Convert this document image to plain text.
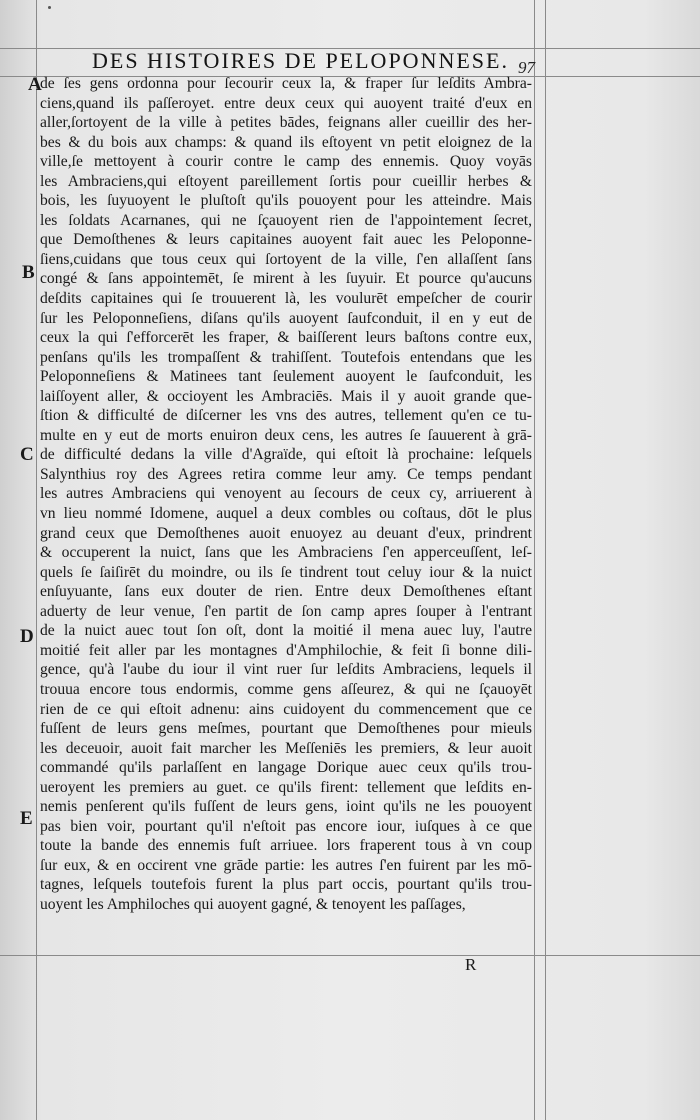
DES HISTOIRES DE PELOPONNESE. 97
A
B
C
D
E
de ſes gens ordonna pour ſecourir ceux la, & fraper ſur leſdits Ambra-
ciens,quand ils paſſeroyet. entre deux ceux qui auoyent traité d'eux en
aller,ſortoyent de la ville à petites bādes, feignans aller cueillir des her-
bes & du bois aux champs: & quand ils eſtoyent vn petit eloignez de la
ville,ſe mettoyent à courir contre le camp des ennemis. Quoy voyās
les Ambraciens,qui eſtoyent pareillement ſortis pour cueillir herbes &
bois, les ſuyuoyent le pluſtoſt qu'ils pouoyent pour les atteindre. Mais
les ſoldats Acarnanes, qui ne ſçauoyent rien de l'appointement ſecret,
que Demoſthenes & leurs capitaines auoyent fait auec les Peloponne-
ſiens,cuidans que tous ceux qui ſortoyent de la ville, ſ'en allaſſent ſans
congé & ſans appointemēt, ſe mirent à les ſuyuir. Et pource qu'aucuns
deſdits capitaines qui ſe trouuerent là, les voulurēt empeſcher de courir
ſur les Peloponneſiens, diſans qu'ils auoyent ſaufconduit, il en y eut de
ceux la qui ſ'efforcerēt les fraper, & baiſſerent leurs baſtons contre eux,
penſans qu'ils les trompaſſent & trahiſſent. Toutefois entendans que les
Peloponneſiens & Matinees tant ſeulement auoyent le ſaufconduit, les
laiſſoyent aller, & occioyent les Ambraciēs. Mais il y auoit grande que-
ſtion & difficulté de diſcerner les vns des autres, tellement qu'en ce tu-
multe en y eut de morts enuiron deux cens, les autres ſe ſauuerent à grā-
de difficulté dedans la ville d'Agraïde, qui eſtoit là prochaine: leſquels
Salynthius roy des Agrees retira comme leur amy. Ce temps pendant
les autres Ambraciens qui venoyent au ſecours de ceux cy, arriuerent à
vn lieu nommé Idomene, auquel a deux combles ou coſtaus, dōt le plus
grand ceux que Demoſthenes auoit enuoyez au deuant d'eux, prindrent
& occuperent la nuict, ſans que les Ambraciens ſ'en apperceuſſent, leſ-
quels ſe ſaiſirēt du moindre, ou ils ſe tindrent tout celuy iour & la nuict
enſuyuante, ſans eux douter de rien. Entre deux Demoſthenes eſtant
aduerty de leur venue, ſ'en partit de ſon camp apres ſouper à l'entrant
de la nuict auec tout ſon oſt, dont la moitié il mena auec luy, l'autre
moitié feit aller par les montagnes d'Amphilochie, & feit ſi bonne dili-
gence, qu'à l'aube du iour il vint ruer ſur leſdits Ambraciens, lequels il
trouua encore tous endormis, comme gens aſſeurez, & qui ne ſçauoyēt
rien de ce qui eſtoit adnenu: ains cuidoyent du commencement que ce
fuſſent de leurs gens meſmes, pourtant que Demoſthenes pour mieuls
les deceuoir, auoit fait marcher les Meſſeniēs les premiers, & leur auoit
commandé qu'ils parlaſſent en langage Dorique auec ceux qu'ils trou-
ueroyent les premiers au guet. ce qu'ils firent: tellement que leſdits en-
nemis penſerent qu'ils fuſſent de leurs gens, ioint qu'ils ne les pouoyent
pas bien voir, pourtant qu'il n'eſtoit pas encore iour, iuſques à ce que
toute la bande des ennemis fuſt arriuee. lors fraperent tous à vn coup
ſur eux, & en occirent vne grāde partie: les autres ſ'en fuirent par les mō-
tagnes, leſquels toutefois furent la plus part occis, pourtant qu'ils trou-
uoyent les Amphiloches qui auoyent gagné, & tenoyent les paſſages,
R
